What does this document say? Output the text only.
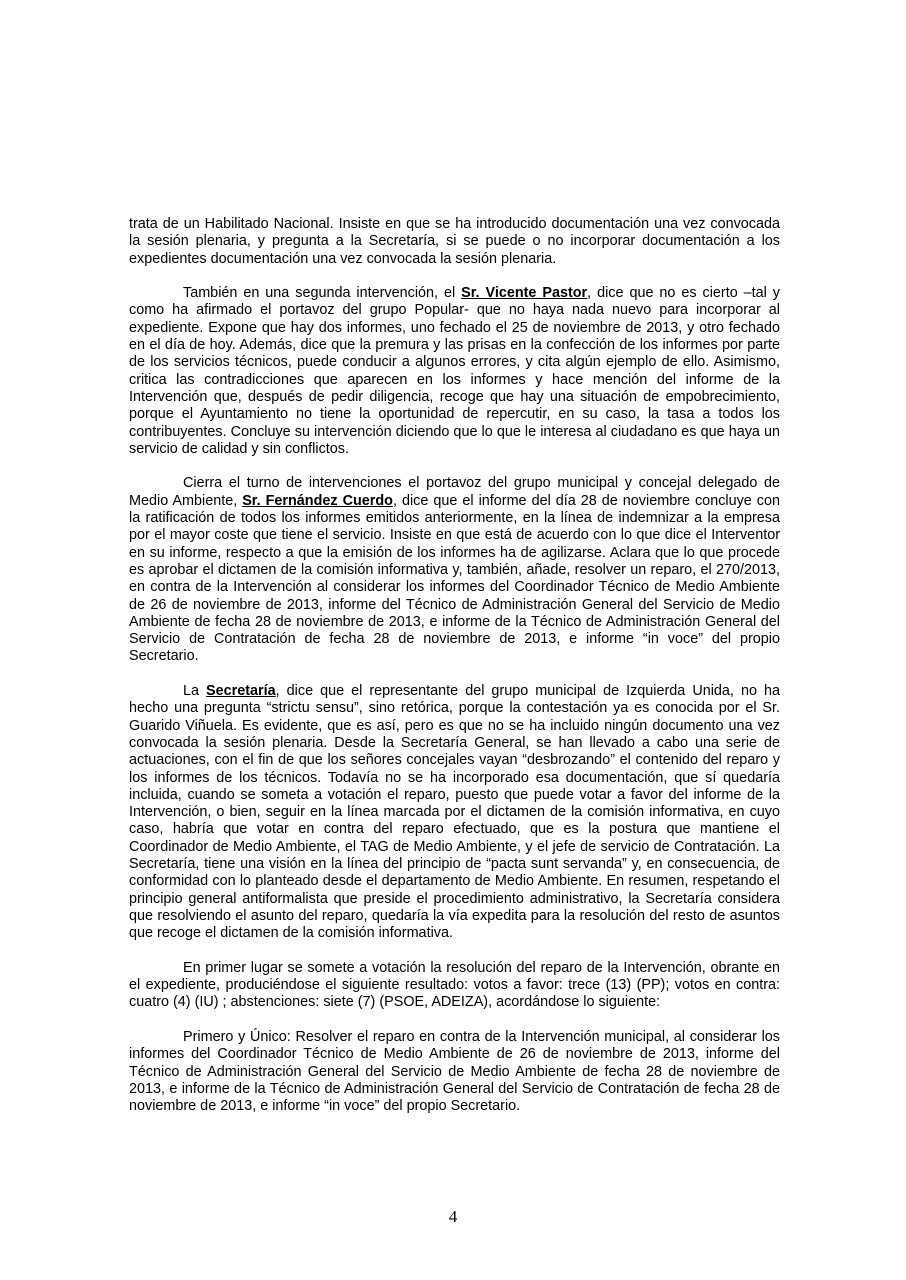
trata de un Habilitado Nacional. Insiste en que se ha introducido documentación una vez convocada la sesión plenaria, y pregunta a la Secretaría, si se puede o no incorporar documentación a los expedientes documentación una vez convocada la sesión plenaria.

También en una segunda intervención, el Sr. Vicente Pastor, dice que no es cierto –tal y como ha afirmado el portavoz del grupo Popular- que no haya nada nuevo para incorporar al expediente. Expone que hay dos informes, uno fechado el 25 de noviembre de 2013, y otro fechado en el día de hoy. Además, dice que la premura y las prisas en la confección de los informes por parte de los servicios técnicos, puede conducir a algunos errores, y cita algún ejemplo de ello. Asimismo, critica las contradicciones que aparecen en los informes y hace mención del informe de la Intervención que, después de pedir diligencia, recoge que hay una situación de empobrecimiento, porque el Ayuntamiento no tiene la oportunidad de repercutir, en su caso, la tasa a todos los contribuyentes. Concluye su intervención diciendo que lo que le interesa al ciudadano es que haya un servicio de calidad y sin conflictos.

Cierra el turno de intervenciones el portavoz del grupo municipal y concejal delegado de Medio Ambiente, Sr. Fernández Cuerdo, dice que el informe del día 28 de noviembre concluye con la ratificación de todos los informes emitidos anteriormente, en la línea de indemnizar a la empresa por el mayor coste que tiene el servicio. Insiste en que está de acuerdo con lo que dice el Interventor en su informe, respecto a que la emisión de los informes ha de agilizarse. Aclara que lo que procede es aprobar el dictamen de la comisión informativa y, también, añade, resolver un reparo, el 270/2013, en contra de la Intervención al considerar los informes del Coordinador Técnico de Medio Ambiente de 26 de noviembre de 2013, informe del Técnico de Administración General del Servicio de Medio Ambiente de fecha 28 de noviembre de 2013, e informe de la Técnico de Administración General del Servicio de Contratación de fecha 28 de noviembre de 2013, e informe “in voce” del propio Secretario.

La Secretaría, dice que el representante del grupo municipal de Izquierda Unida, no ha hecho una pregunta “strictu sensu”, sino retórica, porque la contestación ya es conocida por el Sr. Guarido Viñuela. Es evidente, que es así, pero es que no se ha incluido ningún documento una vez convocada la sesión plenaria. Desde la Secretaría General, se han llevado a cabo una serie de actuaciones, con el fin de que los señores concejales vayan “desbrozando” el contenido del reparo y los informes de los técnicos. Todavía no se ha incorporado esa documentación, que sí quedaría incluida, cuando se someta a votación el reparo, puesto que puede votar a favor del informe de la Intervención, o bien, seguir en la línea marcada por el dictamen de la comisión informativa, en cuyo caso, habría que votar en contra del reparo efectuado, que es la postura que mantiene el Coordinador de Medio Ambiente, el TAG de Medio Ambiente, y el jefe de servicio de Contratación. La Secretaría, tiene una visión en la línea del principio de “pacta sunt servanda” y, en consecuencia, de conformidad con lo planteado desde el departamento de Medio Ambiente. En resumen, respetando el principio general antiformalista que preside el procedimiento administrativo, la Secretaría considera que resolviendo el asunto del reparo, quedaría la vía expedita para la resolución del resto de asuntos que recoge el dictamen de la comisión informativa.

En primer lugar se somete a votación la resolución del reparo de la Intervención, obrante en el expediente, produciéndose el siguiente resultado: votos a favor: trece (13) (PP); votos en contra: cuatro (4) (IU) ; abstenciones: siete (7) (PSOE, ADEIZA), acordándose lo siguiente:

Primero y Único: Resolver el reparo en contra de la Intervención municipal, al considerar los informes del Coordinador Técnico de Medio Ambiente de 26 de noviembre de 2013, informe del Técnico de Administración General del Servicio de Medio Ambiente de fecha 28 de noviembre de 2013, e informe de la Técnico de Administración General del Servicio de Contratación de fecha 28 de noviembre de 2013, e informe “in voce” del propio Secretario.

4
